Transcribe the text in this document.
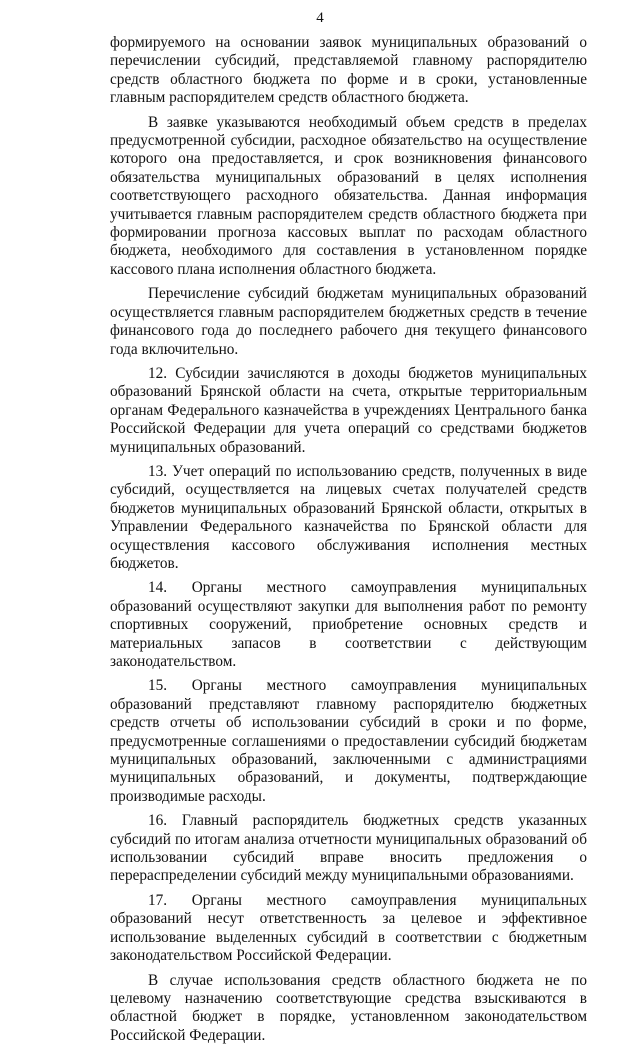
4

формируемого на основании заявок муниципальных образований о перечислении субсидий, представляемой главному распорядителю средств областного бюджета по форме и в сроки, установленные главным распорядителем средств областного бюджета.

В заявке указываются необходимый объем средств в пределах предусмотренной субсидии, расходное обязательство на осуществление которого она предоставляется, и срок возникновения финансового обязательства муниципальных образований в целях исполнения соответствующего расходного обязательства. Данная информация учитывается главным распорядителем средств областного бюджета при формировании прогноза кассовых выплат по расходам областного бюджета, необходимого для составления в установленном порядке кассового плана исполнения областного бюджета.

Перечисление субсидий бюджетам муниципальных образований осуществляется главным распорядителем бюджетных средств в течение финансового года до последнего рабочего дня текущего финансового года включительно.

12. Субсидии зачисляются в доходы бюджетов муниципальных образований Брянской области на счета, открытые территориальным органам Федерального казначейства в учреждениях Центрального банка Российской Федерации для учета операций со средствами бюджетов муниципальных образований.

13. Учет операций по использованию средств, полученных в виде субсидий, осуществляется на лицевых счетах получателей средств бюджетов муниципальных образований Брянской области, открытых в Управлении Федерального казначейства по Брянской области для осуществления кассового обслуживания исполнения местных бюджетов.

14. Органы местного самоуправления муниципальных образований осуществляют закупки для выполнения работ по ремонту спортивных сооружений, приобретение основных средств и материальных запасов в соответствии с действующим законодательством.

15. Органы местного самоуправления муниципальных образований представляют главному распорядителю бюджетных средств отчеты об использовании субсидий в сроки и по форме, предусмотренные соглашениями о предоставлении субсидий бюджетам муниципальных образований, заключенными с администрациями муниципальных образований, и документы, подтверждающие производимые расходы.

16. Главный распорядитель бюджетных средств указанных субсидий по итогам анализа отчетности муниципальных образований об использовании субсидий вправе вносить предложения о перераспределении субсидий между муниципальными образованиями.

17. Органы местного самоуправления муниципальных образований несут ответственность за целевое и эффективное использование выделенных субсидий в соответствии с бюджетным законодательством Российской Федерации.

В случае использования средств областного бюджета не по целевому назначению соответствующие средства взыскиваются в областной бюджет в порядке, установленном законодательством Российской Федерации.
